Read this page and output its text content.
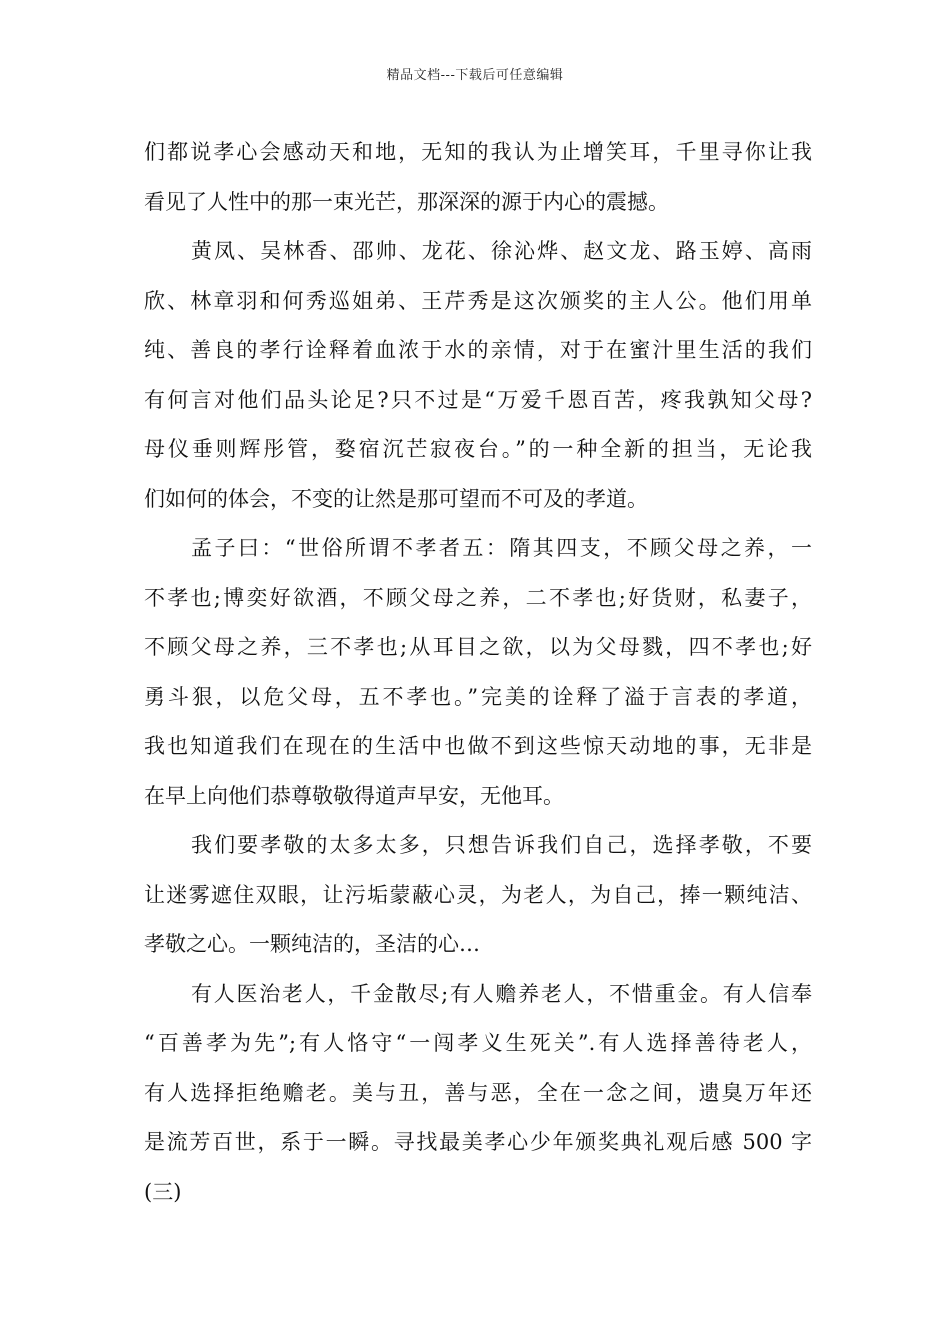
精品文档---下载后可任意编辑
们都说孝心会感动天和地，无知的我认为止增笑耳，千里寻你让我
看见了人性中的那一束光芒，那深深的源于内心的震撼。
黄凤、吴林香、邵帅、龙花、徐沁烨、赵文龙、路玉婷、高雨
欣、林章羽和何秀巡姐弟、王芹秀是这次颁奖的主人公。他们用单
纯、善良的孝行诠释着血浓于水的亲情，对于在蜜汁里生活的我们
有何言对他们品头论足?只不过是“万爱千恩百苦，疼我孰知父母?
母仪垂则辉彤管，婺宿沉芒寂夜台。”的一种全新的担当，无论我
们如何的体会，不变的让然是那可望而不可及的孝道。
孟子曰：“世俗所谓不孝者五：隋其四支，不顾父母之养，一
不孝也;博奕好欲酒，不顾父母之养，二不孝也;好货财，私妻子，
不顾父母之养，三不孝也;从耳目之欲，以为父母戮，四不孝也;好
勇斗狠，以危父母，五不孝也。”完美的诠释了溢于言表的孝道，
我也知道我们在现在的生活中也做不到这些惊天动地的事，无非是
在早上向他们恭尊敬敬得道声早安，无他耳。
我们要孝敬的太多太多，只想告诉我们自己，选择孝敬，不要
让迷雾遮住双眼，让污垢蒙蔽心灵，为老人，为自己，捧一颗纯洁、
孝敬之心。一颗纯洁的，圣洁的心…
有人医治老人，千金散尽;有人赡养老人，不惜重金。有人信奉
“百善孝为先”;有人恪守“一闯孝义生死关”.有人选择善待老人，
有人选择拒绝赡老。美与丑，善与恶，全在一念之间，遗臭万年还
是流芳百世，系于一瞬。寻找最美孝心少年颁奖典礼观后感 500 字
(三)
